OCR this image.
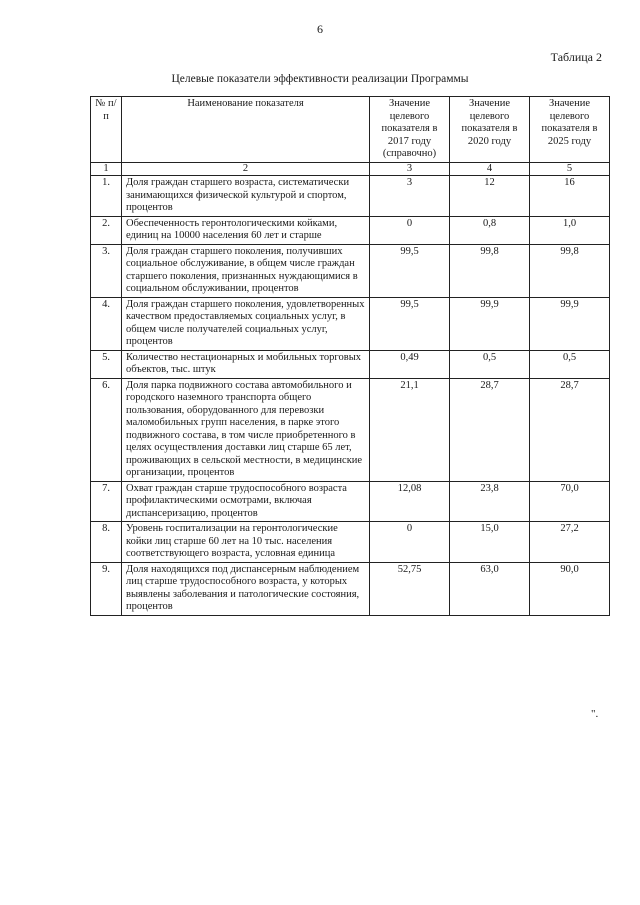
6
Таблица 2
Целевые показатели эффективности реализации Программы
№ п/п	Наименование показателя	Значение целевого показателя в 2017 году (справочно)	Значение целевого показателя в 2020 году	Значение целевого показателя в 2025 году
1	2	3	4	5
1.	Доля граждан старшего возраста, систематически занимающихся физической культурой и спортом, процентов	3	12	16
2.	Обеспеченность геронтологическими койками, единиц на 10000 населения 60 лет и старше	0	0,8	1,0
3.	Доля граждан старшего поколения, получивших социальное обслуживание, в общем числе граждан старшего поколения, признанных нуждающимися в социальном обслуживании, процентов	99,5	99,8	99,8
4.	Доля граждан старшего поколения, удовлетворенных качеством предоставляемых социальных услуг, в общем числе получателей социальных услуг, процентов	99,5	99,9	99,9
5.	Количество нестационарных и мобильных торговых объектов, тыс. штук	0,49	0,5	0,5
6.	Доля парка подвижного состава автомобильного и городского наземного транспорта общего пользования, оборудованного для перевозки маломобильных групп населения, в парке этого подвижного состава, в том числе приобретенного в целях осуществления доставки лиц старше 65 лет, проживающих в сельской местности, в медицинские организации, процентов	21,1	28,7	28,7
7.	Охват граждан старше трудоспособного возраста профилактическими осмотрами, включая диспансеризацию, процентов	12,08	23,8	70,0
8.	Уровень госпитализации на геронтологические койки лиц старше 60 лет на 10 тыс. населения соответствующего возраста, условная единица	0	15,0	27,2
9.	Доля находящихся под диспансерным наблюдением лиц старше трудоспособного возраста, у которых выявлены заболевания и патологические состояния, процентов	52,75	63,0	90,0
".
